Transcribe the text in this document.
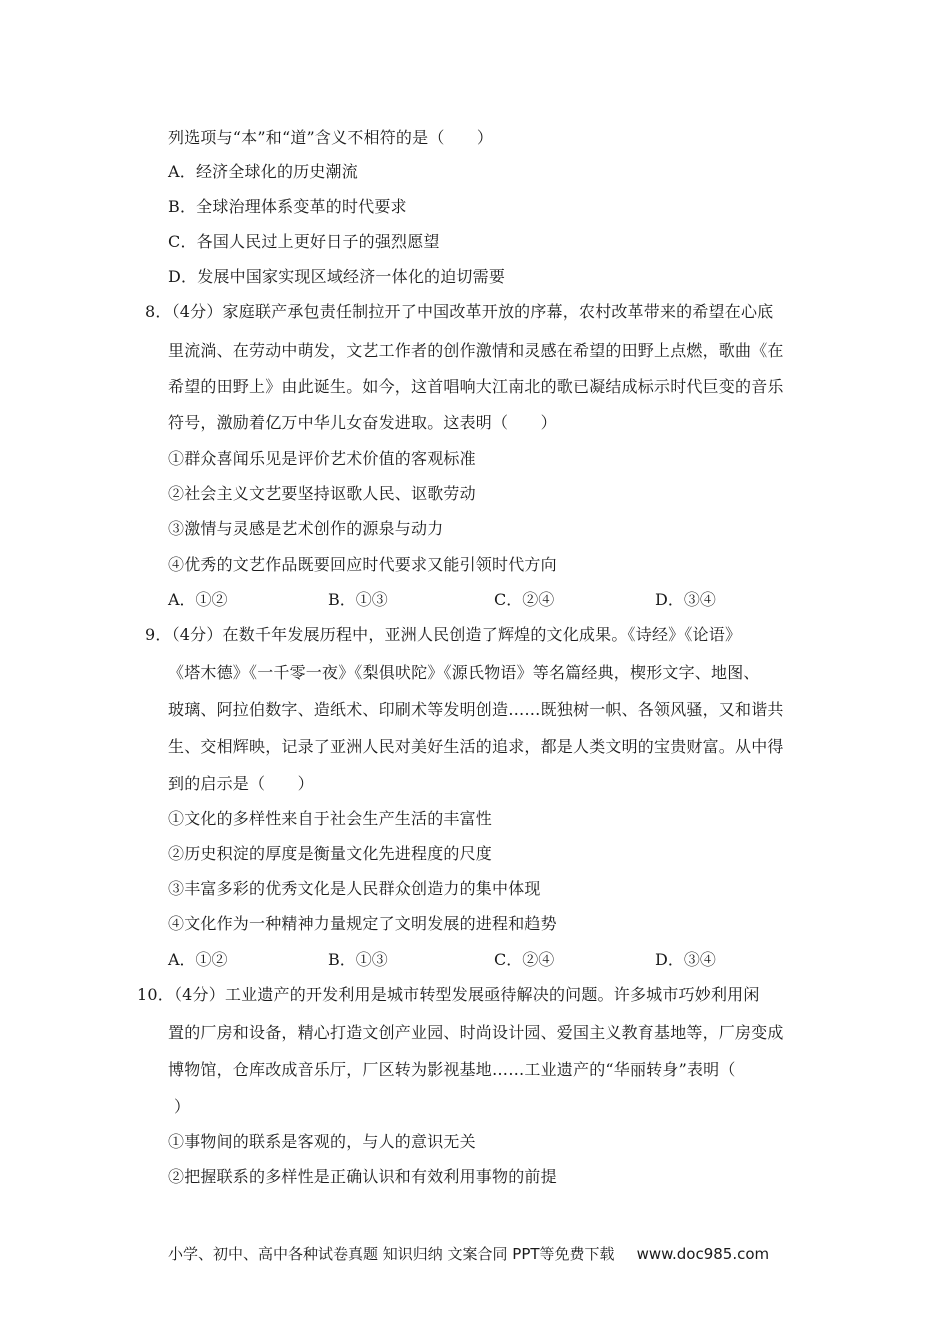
列选项与“本”和“道”含义不相符的是（　　）
A．经济全球化的历史潮流
B．全球治理体系变革的时代要求
C．各国人民过上更好日子的强烈愿望
D．发展中国家实现区域经济一体化的迫切需要
8．（4分）家庭联产承包责任制拉开了中国改革开放的序幕，农村改革带来的希望在心底
里流淌、在劳动中萌发，文艺工作者的创作激情和灵感在希望的田野上点燃，歌曲《在
希望的田野上》由此诞生。如今，这首唱响大江南北的歌已凝结成标示时代巨变的音乐
符号，激励着亿万中华儿女奋发进取。这表明（　　）
①群众喜闻乐见是评价艺术价值的客观标准
②社会主义文艺要坚持讴歌人民、讴歌劳动
③激情与灵感是艺术创作的源泉与动力
④优秀的文艺作品既要回应时代要求又能引领时代方向
A．①②	B．①③	C．②④	D．③④
9．（4分）在数千年发展历程中，亚洲人民创造了辉煌的文化成果。《诗经》《论语》
《塔木德》《一千零一夜》《梨俱吠陀》《源氏物语》等名篇经典，楔形文字、地图、
玻璃、阿拉伯数字、造纸术、印刷术等发明创造……既独树一帜、各领风骚，又和谐共
生、交相辉映，记录了亚洲人民对美好生活的追求，都是人类文明的宝贵财富。从中得
到的启示是（　　）
①文化的多样性来自于社会生产生活的丰富性
②历史积淀的厚度是衡量文化先进程度的尺度
③丰富多彩的优秀文化是人民群众创造力的集中体现
④文化作为一种精神力量规定了文明发展的进程和趋势
A．①②	B．①③	C．②④	D．③④
10．（4分）工业遗产的开发利用是城市转型发展亟待解决的问题。许多城市巧妙利用闲
置的厂房和设备，精心打造文创产业园、时尚设计园、爱国主义教育基地等，厂房变成
博物馆，仓库改成音乐厅，厂区转为影视基地……工业遗产的“华丽转身”表明（
）
①事物间的联系是客观的，与人的意识无关
②把握联系的多样性是正确认识和有效利用事物的前提
小学、初中、高中各种试卷真题 知识归纳 文案合同 PPT等免费下载 www.doc985.com
